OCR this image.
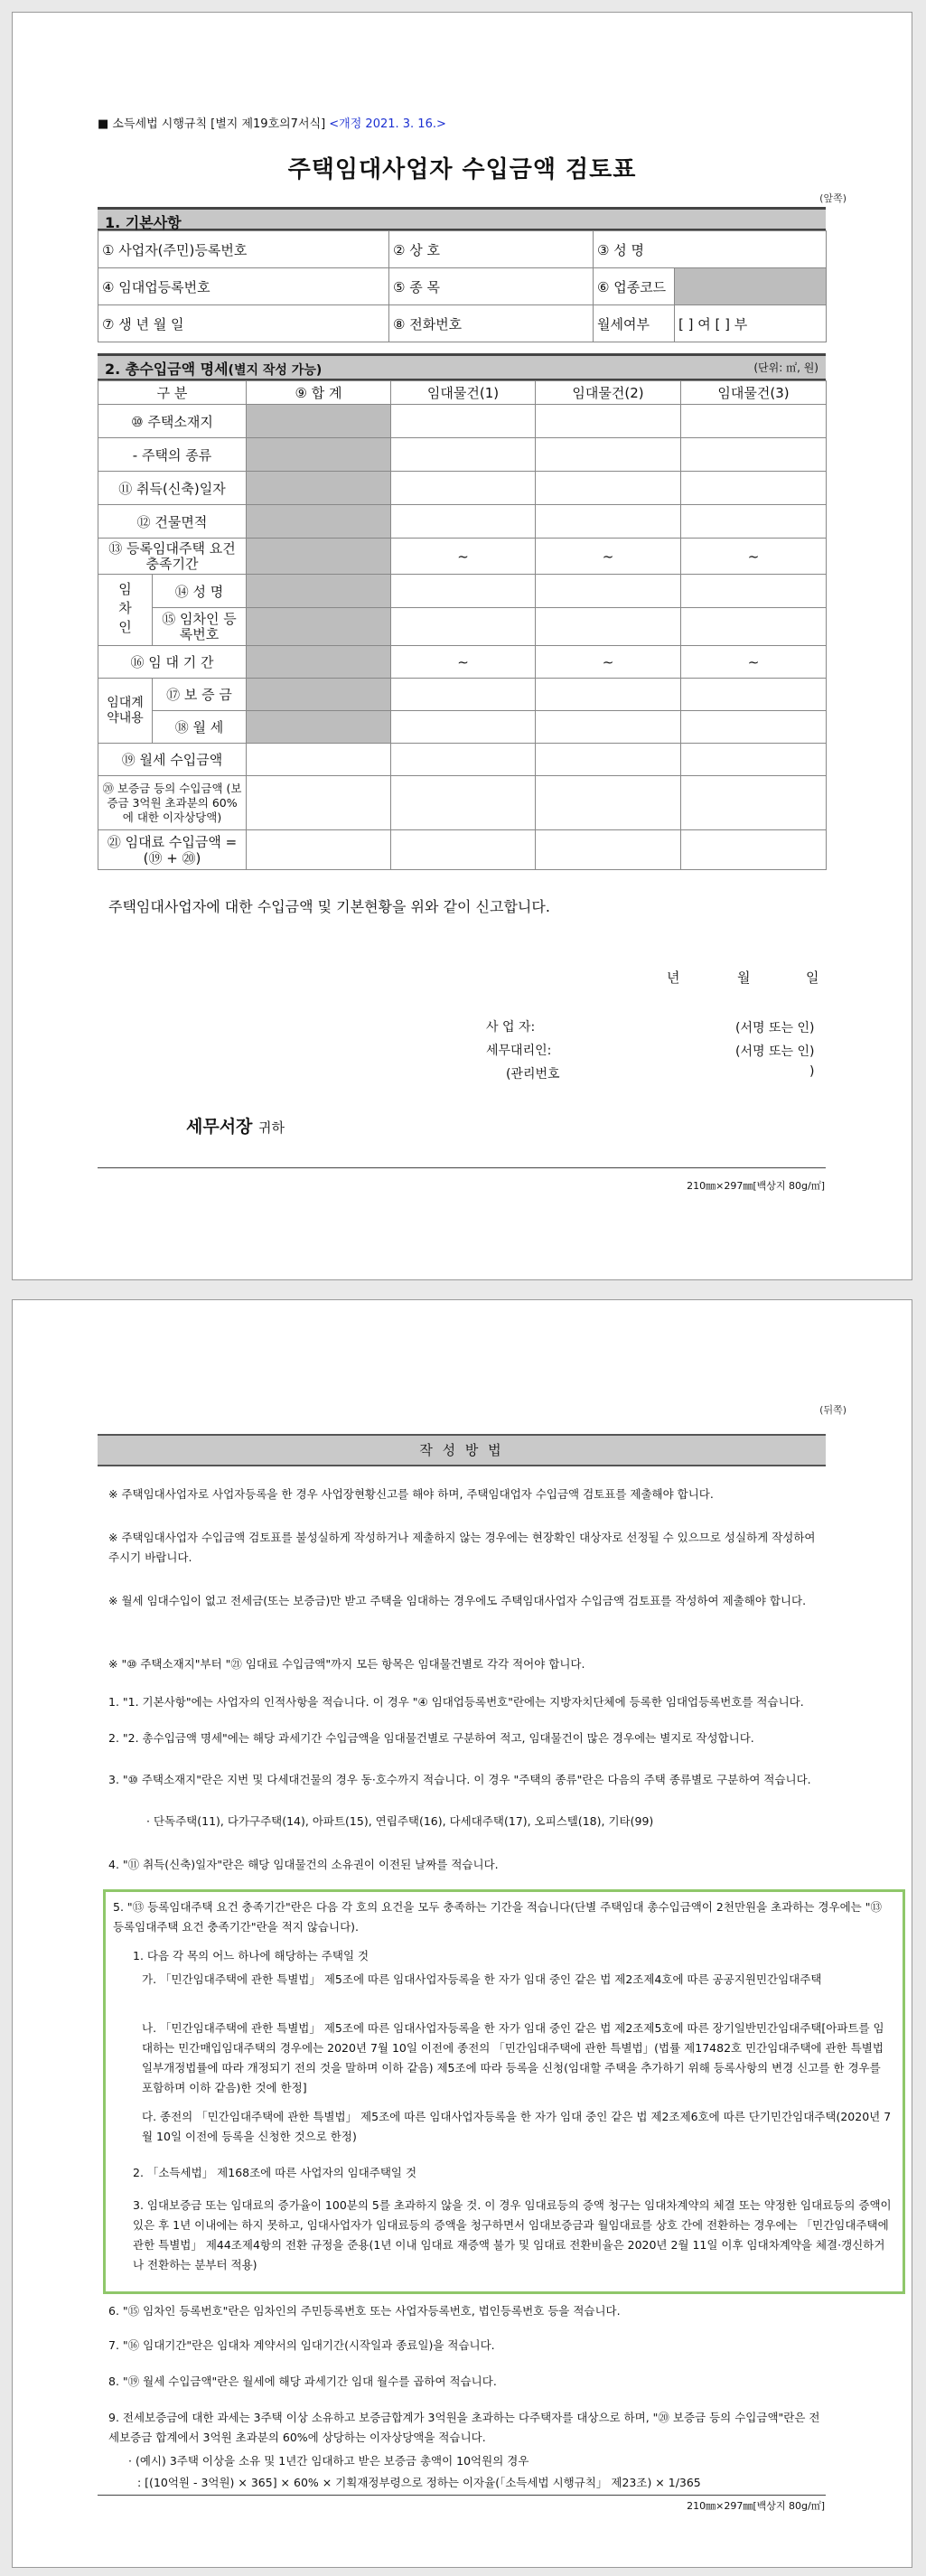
■ 소득세법 시행규칙 [별지 제19호의7서식] <개정 2021. 3. 16.>
주택임대사업자 수입금액 검토표
(앞쪽)
1. 기본사항
① 사업자(주민)등록번호	② 상 호	③ 성 명	
④ 임대업등록번호	⑤ 종 목	⑥ 업종코드	
⑦ 생 년 월 일	⑧ 전화번호	월세여부	[ ] 여 [ ] 부
2. 총수입금액 명세(별지 작성 가능)	(단위: ㎡, 원)
구 분		⑨ 합 계	임대물건(1)	임대물건(2)	임대물건(3)
⑩ 주택소재지					
- 주택의 종류					
⑪ 취득(신축)일자					
⑫ 건물면적					
⑬ 등록임대주택 요건 충족기간			~	~	~
임차인	⑭ 성 명				
	⑮ 임차인 등록번호				
⑯ 임 대 기 간			∼	∼	∼
임대계약내용	⑰ 보 증 금				
	⑱ 월 세				
⑲ 월세 수입금액					
⑳ 보증금 등의 수입금액 (보증금 3억원 초과분의 60%에 대한 이자상당액)					
㉑ 임대료 수입금액 =(⑲ + ⑳)					
주택임대사업자에 대한 수입금액 및 기본현황을 위와 같이 신고합니다.
년	월	일
사 업 자:	(서명 또는 인)
세무대리인:	(서명 또는 인)
(관리번호	)
세무서장 귀하
210㎜×297㎜[백상지 80g/㎡]
(뒤쪽)
작 성 방 법
※ 주택임대사업자로 사업자등록을 한 경우 사업장현황신고를 해야 하며, 주택임대업자 수입금액 검토표를 제출해야 합니다.
※ 주택임대사업자 수입금액 검토표를 불성실하게 작성하거나 제출하지 않는 경우에는 현장확인 대상자로 선정될 수 있으므로 성실하게 작성하여 주시기 바랍니다.
※ 월세 임대수입이 없고 전세금(또는 보증금)만 받고 주택을 임대하는 경우에도 주택임대사업자 수입금액 검토표를 작성하여 제출해야 합니다.
※ "⑩ 주택소재지"부터 "㉑ 임대료 수입금액"까지 모든 항목은 임대물건별로 각각 적어야 합니다.
1. "1. 기본사항"에는 사업자의 인적사항을 적습니다. 이 경우 "④ 임대업등록번호"란에는 지방자치단체에 등록한 임대업등록번호를 적습니다.
2. "2. 총수입금액 명세"에는 해당 과세기간 수입금액을 임대물건별로 구분하여 적고, 임대물건이 많은 경우에는 별지로 작성합니다.
3. "⑩ 주택소재지"란은 지번 및 다세대건물의 경우 동·호수까지 적습니다. 이 경우 "주택의 종류"란은 다음의 주택 종류별로 구분하여 적습니다.
· 단독주택(11), 다가구주택(14), 아파트(15), 연립주택(16), 다세대주택(17), 오피스텔(18), 기타(99)
4. "⑪ 취득(신축)일자"란은 해당 임대물건의 소유권이 이전된 날짜를 적습니다.
5. "⑬ 등록임대주택 요건 충족기간"란은 다음 각 호의 요건을 모두 충족하는 기간을 적습니다(단별 주택임대 총수입금액이 2천만원을 초과하는 경우에는 "⑬ 등록임대주택 요건 충족기간"란을 적지 않습니다).
1. 다음 각 목의 어느 하나에 해당하는 주택일 것
가. 「민간임대주택에 관한 특별법」 제5조에 따른 임대사업자등록을 한 자가 임대 중인 같은 법 제2조제4호에 따른 공공지원민간임대주택
나. 「민간임대주택에 관한 특별법」 제5조에 따른 임대사업자등록을 한 자가 임대 중인 같은 법 제2조제5호에 따른 장기일반민간임대주택[아파트를 임대하는 민간매입임대주택의 경우에는 2020년 7월 10일 이전에 종전의 「민간임대주택에 관한 특별법」(법률 제17482호 민간임대주택에 관한 특별법 일부개정법률에 따라 개정되기 전의 것을 말하며 이하 같음) 제5조에 따라 등록을 신청(임대할 주택을 추가하기 위해 등록사항의 변경 신고를 한 경우를 포함하며 이하 같음)한 것에 한정]
다. 종전의 「민간임대주택에 관한 특별법」 제5조에 따른 임대사업자등록을 한 자가 임대 중인 같은 법 제2조제6호에 따른 단기민간임대주택(2020년 7월 10일 이전에 등록을 신청한 것으로 한정)
2. 「소득세법」 제168조에 따른 사업자의 임대주택일 것
3. 임대보증금 또는 임대료의 증가율이 100분의 5를 초과하지 않을 것. 이 경우 임대료등의 증액 청구는 임대차계약의 체결 또는 약정한 임대료등의 증액이 있은 후 1년 이내에는 하지 못하고, 임대사업자가 임대료등의 증액을 청구하면서 임대보증금과 월임대료를 상호 간에 전환하는 경우에는 「민간임대주택에 관한 특별법」 제44조제4항의 전환 규정을 준용(1년 이내 임대료 재증액 불가 및 임대료 전환비율은 2020년 2월 11일 이후 임대차계약을 체결·갱신하거나 전환하는 분부터 적용)
6. "⑮ 임차인 등록번호"란은 임차인의 주민등록번호 또는 사업자등록번호, 법인등록번호 등을 적습니다.
7. "⑯ 임대기간"란은 임대차 계약서의 임대기간(시작일과 종료일)을 적습니다.
8. "⑲ 월세 수입금액"란은 월세에 해당 과세기간 임대 월수를 곱하여 적습니다.
9. 전세보증금에 대한 과세는 3주택 이상 소유하고 보증금합계가 3억원을 초과하는 다주택자를 대상으로 하며, "⑳ 보증금 등의 수입금액"란은 전세보증금 합계에서 3억원 초과분의 60%에 상당하는 이자상당액을 적습니다.
· (예시) 3주택 이상을 소유 및 1년간 임대하고 받은 보증금 총액이 10억원의 경우
: [(10억원 - 3억원) × 365] × 60% × 기획재정부령으로 정하는 이자율(「소득세법 시행규칙」 제23조) × 1/365
210㎜×297㎜[백상지 80g/㎡]
